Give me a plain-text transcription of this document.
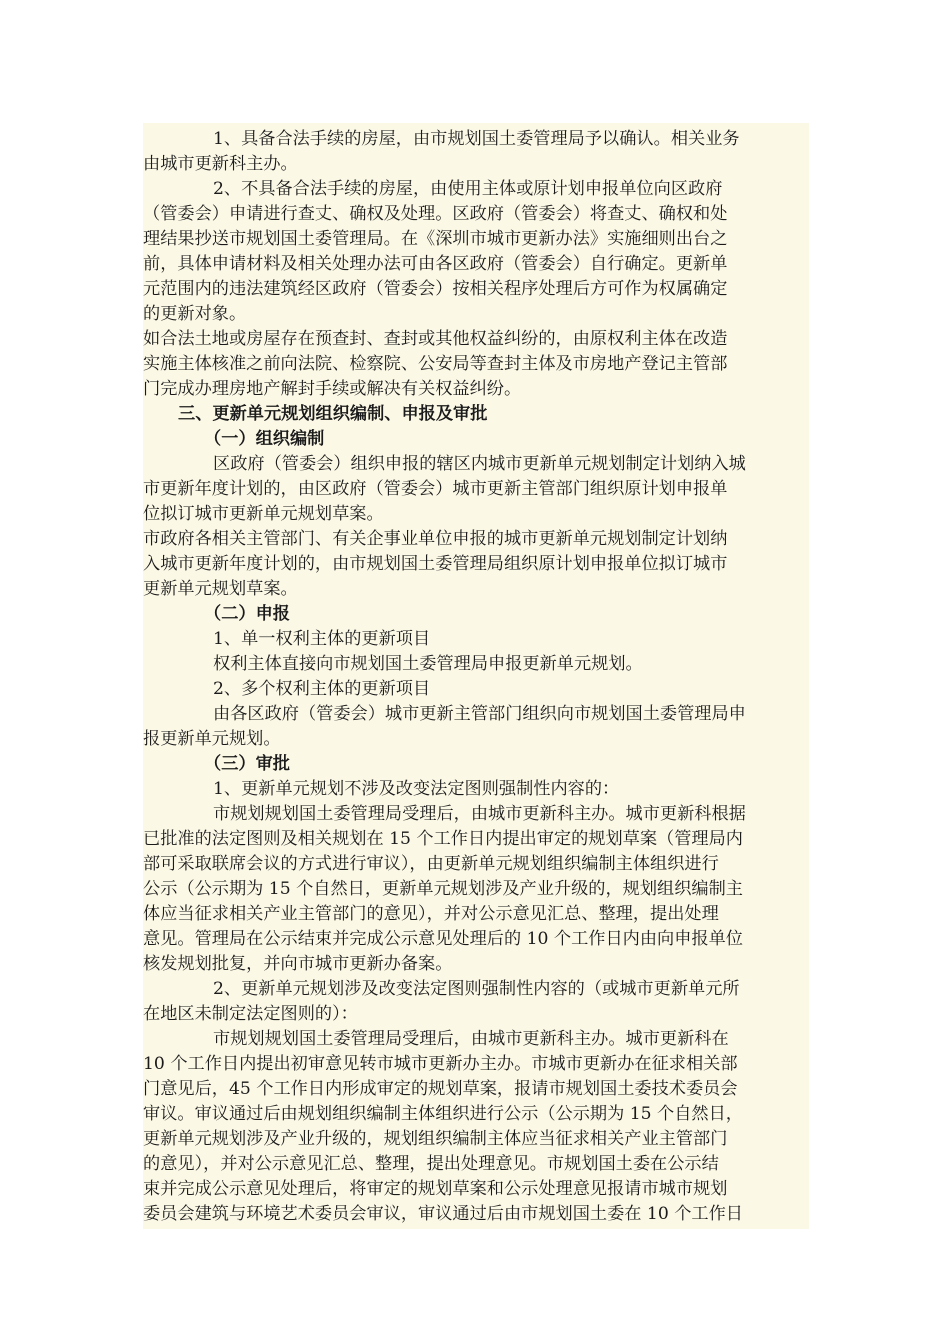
1、具备合法手续的房屋，由市规划国土委管理局予以确认。相关业务
由城市更新科主办。
2、不具备合法手续的房屋，由使用主体或原计划申报单位向区政府
（管委会）申请进行查丈、确权及处理。区政府（管委会）将查丈、确权和处
理结果抄送市规划国土委管理局。在《深圳市城市更新办法》实施细则出台之
前，具体申请材料及相关处理办法可由各区政府（管委会）自行确定。更新单
元范围内的违法建筑经区政府（管委会）按相关程序处理后方可作为权属确定
的更新对象。
如合法土地或房屋存在预查封、查封或其他权益纠纷的，由原权利主体在改造
实施主体核准之前向法院、检察院、公安局等查封主体及市房地产登记主管部
门完成办理房地产解封手续或解决有关权益纠纷。
三、更新单元规划组织编制、申报及审批
（一）组织编制
区政府（管委会）组织申报的辖区内城市更新单元规划制定计划纳入城
市更新年度计划的，由区政府（管委会）城市更新主管部门组织原计划申报单
位拟订城市更新单元规划草案。
市政府各相关主管部门、有关企事业单位申报的城市更新单元规划制定计划纳
入城市更新年度计划的，由市规划国土委管理局组织原计划申报单位拟订城市
更新单元规划草案。
（二）申报
1、单一权利主体的更新项目
权利主体直接向市规划国土委管理局申报更新单元规划。
2、多个权利主体的更新项目
由各区政府（管委会）城市更新主管部门组织向市规划国土委管理局申
报更新单元规划。
（三）审批
1、更新单元规划不涉及改变法定图则强制性内容的：
市规划规划国土委管理局受理后，由城市更新科主办。城市更新科根据
已批准的法定图则及相关规划在 15 个工作日内提出审定的规划草案（管理局内
部可采取联席会议的方式进行审议），由更新单元规划组织编制主体组织进行
公示（公示期为 15 个自然日，更新单元规划涉及产业升级的，规划组织编制主
体应当征求相关产业主管部门的意见），并对公示意见汇总、整理，提出处理
意见。管理局在公示结束并完成公示意见处理后的 10 个工作日内由向申报单位
核发规划批复，并向市城市更新办备案。
2、更新单元规划涉及改变法定图则强制性内容的（或城市更新单元所
在地区未制定法定图则的）：
市规划规划国土委管理局受理后，由城市更新科主办。城市更新科在
10 个工作日内提出初审意见转市城市更新办主办。市城市更新办在征求相关部
门意见后，45 个工作日内形成审定的规划草案，报请市规划国土委技术委员会
审议。审议通过后由规划组织编制主体组织进行公示（公示期为 15 个自然日，
更新单元规划涉及产业升级的，规划组织编制主体应当征求相关产业主管部门
的意见），并对公示意见汇总、整理，提出处理意见。市规划国土委在公示结
束并完成公示意见处理后，将审定的规划草案和公示处理意见报请市城市规划
委员会建筑与环境艺术委员会审议，审议通过后由市规划国土委在 10 个工作日
